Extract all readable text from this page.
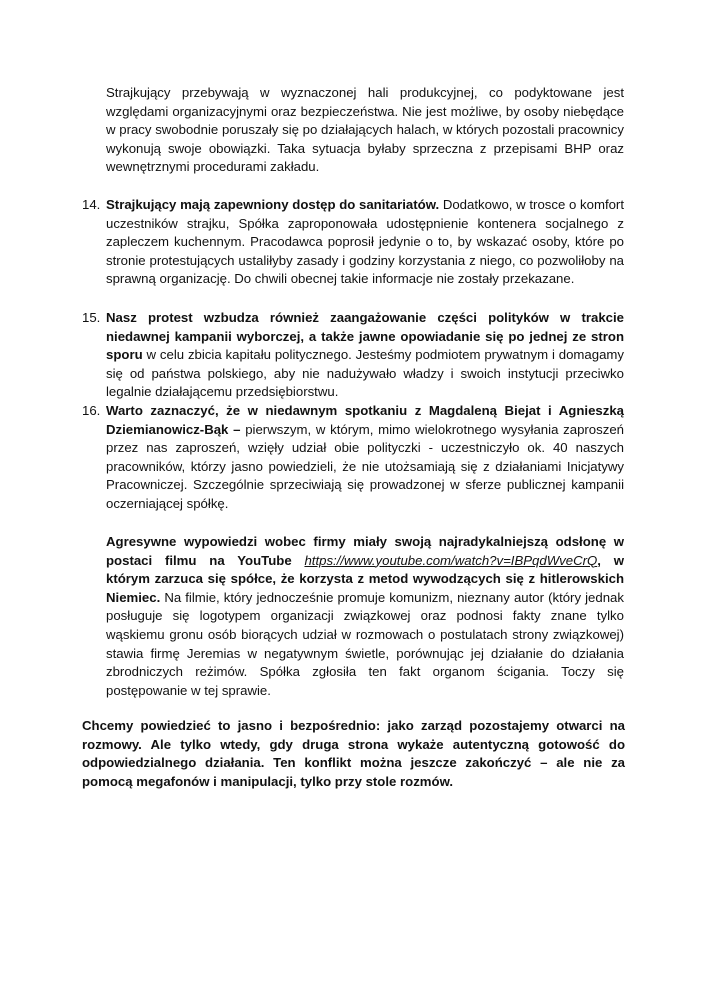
Strajkujący przebywają w wyznaczonej hali produkcyjnej, co podyktowane jest względami organizacyjnymi oraz bezpieczeństwa. Nie jest możliwe, by osoby niebędące w pracy swobodnie poruszały się po działających halach, w których pozostali pracownicy wykonują swoje obowiązki. Taka sytuacja byłaby sprzeczna z przepisami BHP oraz wewnętrznymi procedurami zakładu.

14. Strajkujący mają zapewniony dostęp do sanitariatów. Dodatkowo, w trosce o komfort uczestników strajku, Spółka zaproponowała udostępnienie kontenera socjalnego z zapleczem kuchennym. Pracodawca poprosił jedynie o to, by wskazać osoby, które po stronie protestujących ustaliłyby zasady i godziny korzystania z niego, co pozwoliłoby na sprawną organizację. Do chwili obecnej takie informacje nie zostały przekazane.

15. Nasz protest wzbudza również zaangażowanie części polityków w trakcie niedawnej kampanii wyborczej, a także jawne opowiadanie się po jednej ze stron sporu w celu zbicia kapitału politycznego. Jesteśmy podmiotem prywatnym i domagamy się od państwa polskiego, aby nie nadużywało władzy i swoich instytucji przeciwko legalnie działającemu przedsiębiorstwu.

16. Warto zaznaczyć, że w niedawnym spotkaniu z Magdaleną Biejat i Agnieszką Dziemianowicz-Bąk – pierwszym, w którym, mimo wielokrotnego wysyłania zaproszeń przez nas zaproszeń, wzięły udział obie polityczki - uczestniczyło ok. 40 naszych pracowników, którzy jasno powiedzieli, że nie utożsamiają się z działaniami Inicjatywy Pracowniczej. Szczególnie sprzeciwiają się prowadzonej w sferze publicznej kampanii oczerniającej spółkę.

Agresywne wypowiedzi wobec firmy miały swoją najradykalniejszą odsłonę w postaci filmu na YouTube https://www.youtube.com/watch?v=IBPqdWveCrQ, w którym zarzuca się spółce, że korzysta z metod wywodzących się z hitlerowskich Niemiec. Na filmie, który jednocześnie promuje komunizm, nieznany autor (który jednak posługuje się logotypem organizacji związkowej oraz podnosi fakty znane tylko wąskiemu gronu osób biorących udział w rozmowach o postulatach strony związkowej) stawia firmę Jeremias w negatywnym świetle, porównując jej działanie do działania zbrodniczych reżimów. Spółka zgłosiła ten fakt organom ścigania. Toczy się postępowanie w tej sprawie.

Chcemy powiedzieć to jasno i bezpośrednio: jako zarząd pozostajemy otwarci na rozmowy. Ale tylko wtedy, gdy druga strona wykaże autentyczną gotowość do odpowiedzialnego działania. Ten konflikt można jeszcze zakończyć – ale nie za pomocą megafonów i manipulacji, tylko przy stole rozmów.
